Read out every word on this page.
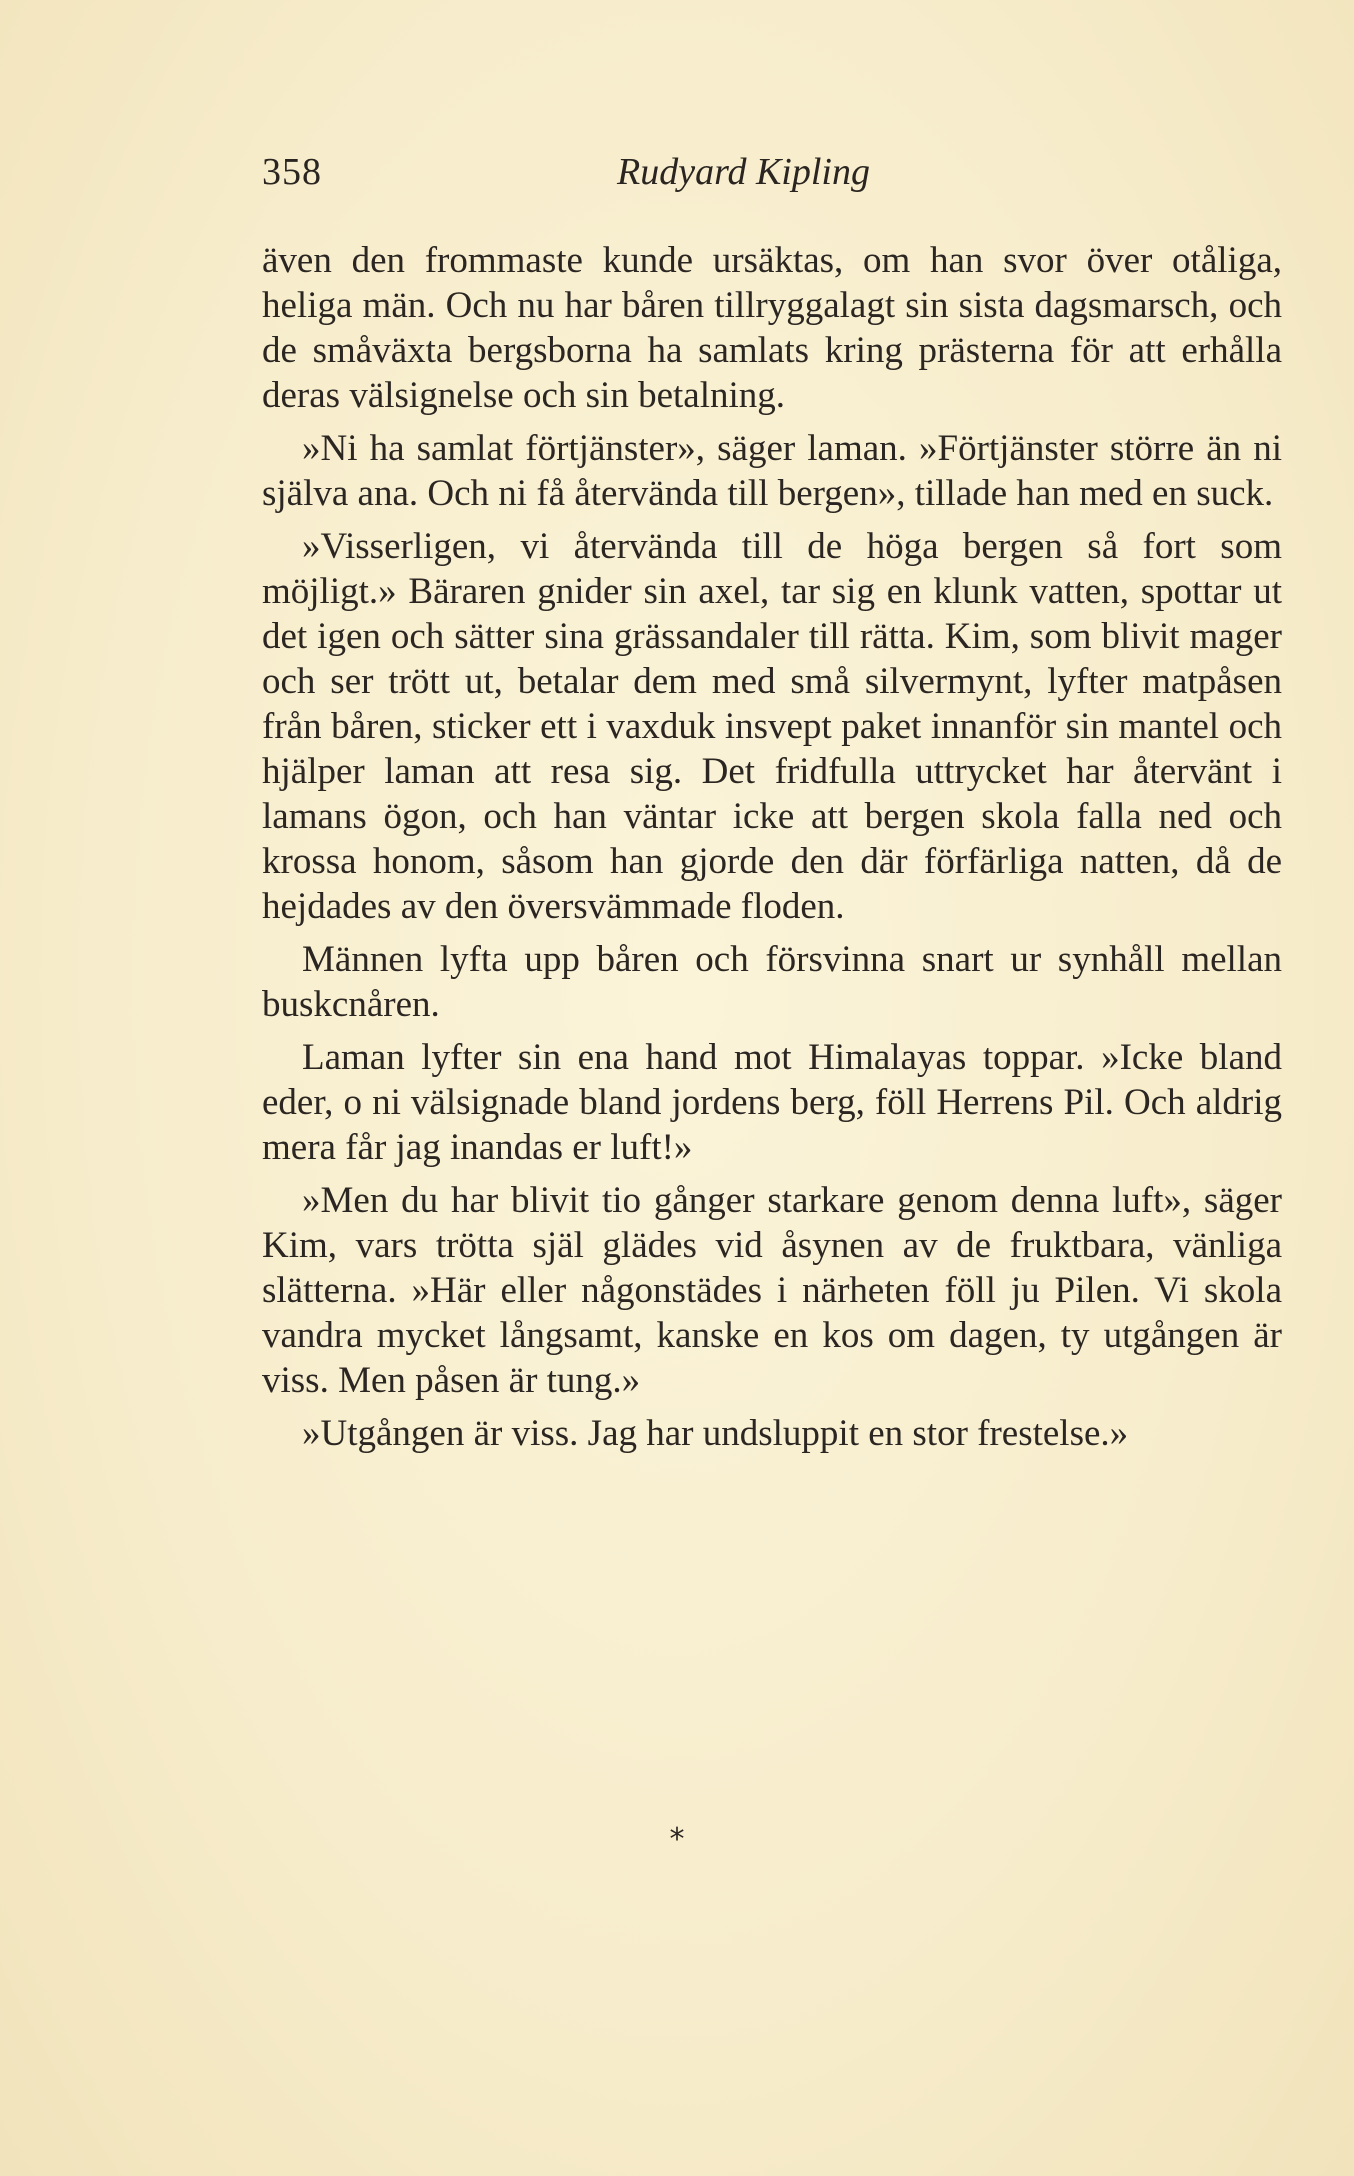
358	Rudyard Kipling

även den frommaste kunde ursäktas, om han svor över otåliga, heliga män. Och nu har båren tillryggalagt sin sista dagsmarsch, och de småväxta bergsborna ha samlats kring prästerna för att erhålla deras välsignelse och sin betalning.

»Ni ha samlat förtjänster», säger laman. »Förtjänster större än ni själva ana. Och ni få återvända till bergen», tillade han med en suck.

»Visserligen, vi återvända till de höga bergen så fort som möjligt.» Bäraren gnider sin axel, tar sig en klunk vatten, spottar ut det igen och sätter sina grässandaler till rätta. Kim, som blivit mager och ser trött ut, betalar dem med små silvermynt, lyfter matpåsen från båren, sticker ett i vaxduk insvept paket innanför sin mantel och hjälper laman att resa sig. Det fridfulla uttrycket har återvänt i lamans ögon, och han väntar icke att bergen skola falla ned och krossa honom, såsom han gjorde den där förfärliga natten, då de hejdades av den översvämmade floden.

Männen lyfta upp båren och försvinna snart ur synhåll mellan buskсnåren.

Laman lyfter sin ena hand mot Himalayas toppar. »Icke bland eder, o ni välsignade bland jordens berg, föll Herrens Pil. Och aldrig mera får jag inandas er luft!»

»Men du har blivit tio gånger starkare genom denna luft», säger Kim, vars trötta själ glädes vid åsynen av de fruktbara, vänliga slätterna. »Här eller någonstädes i närheten föll ju Pilen. Vi skola vandra mycket långsamt, kanske en kos om dagen, ty utgången är viss. Men påsen är tung.»

»Utgången är viss. Jag har undsluppit en stor frestelse.»

*
